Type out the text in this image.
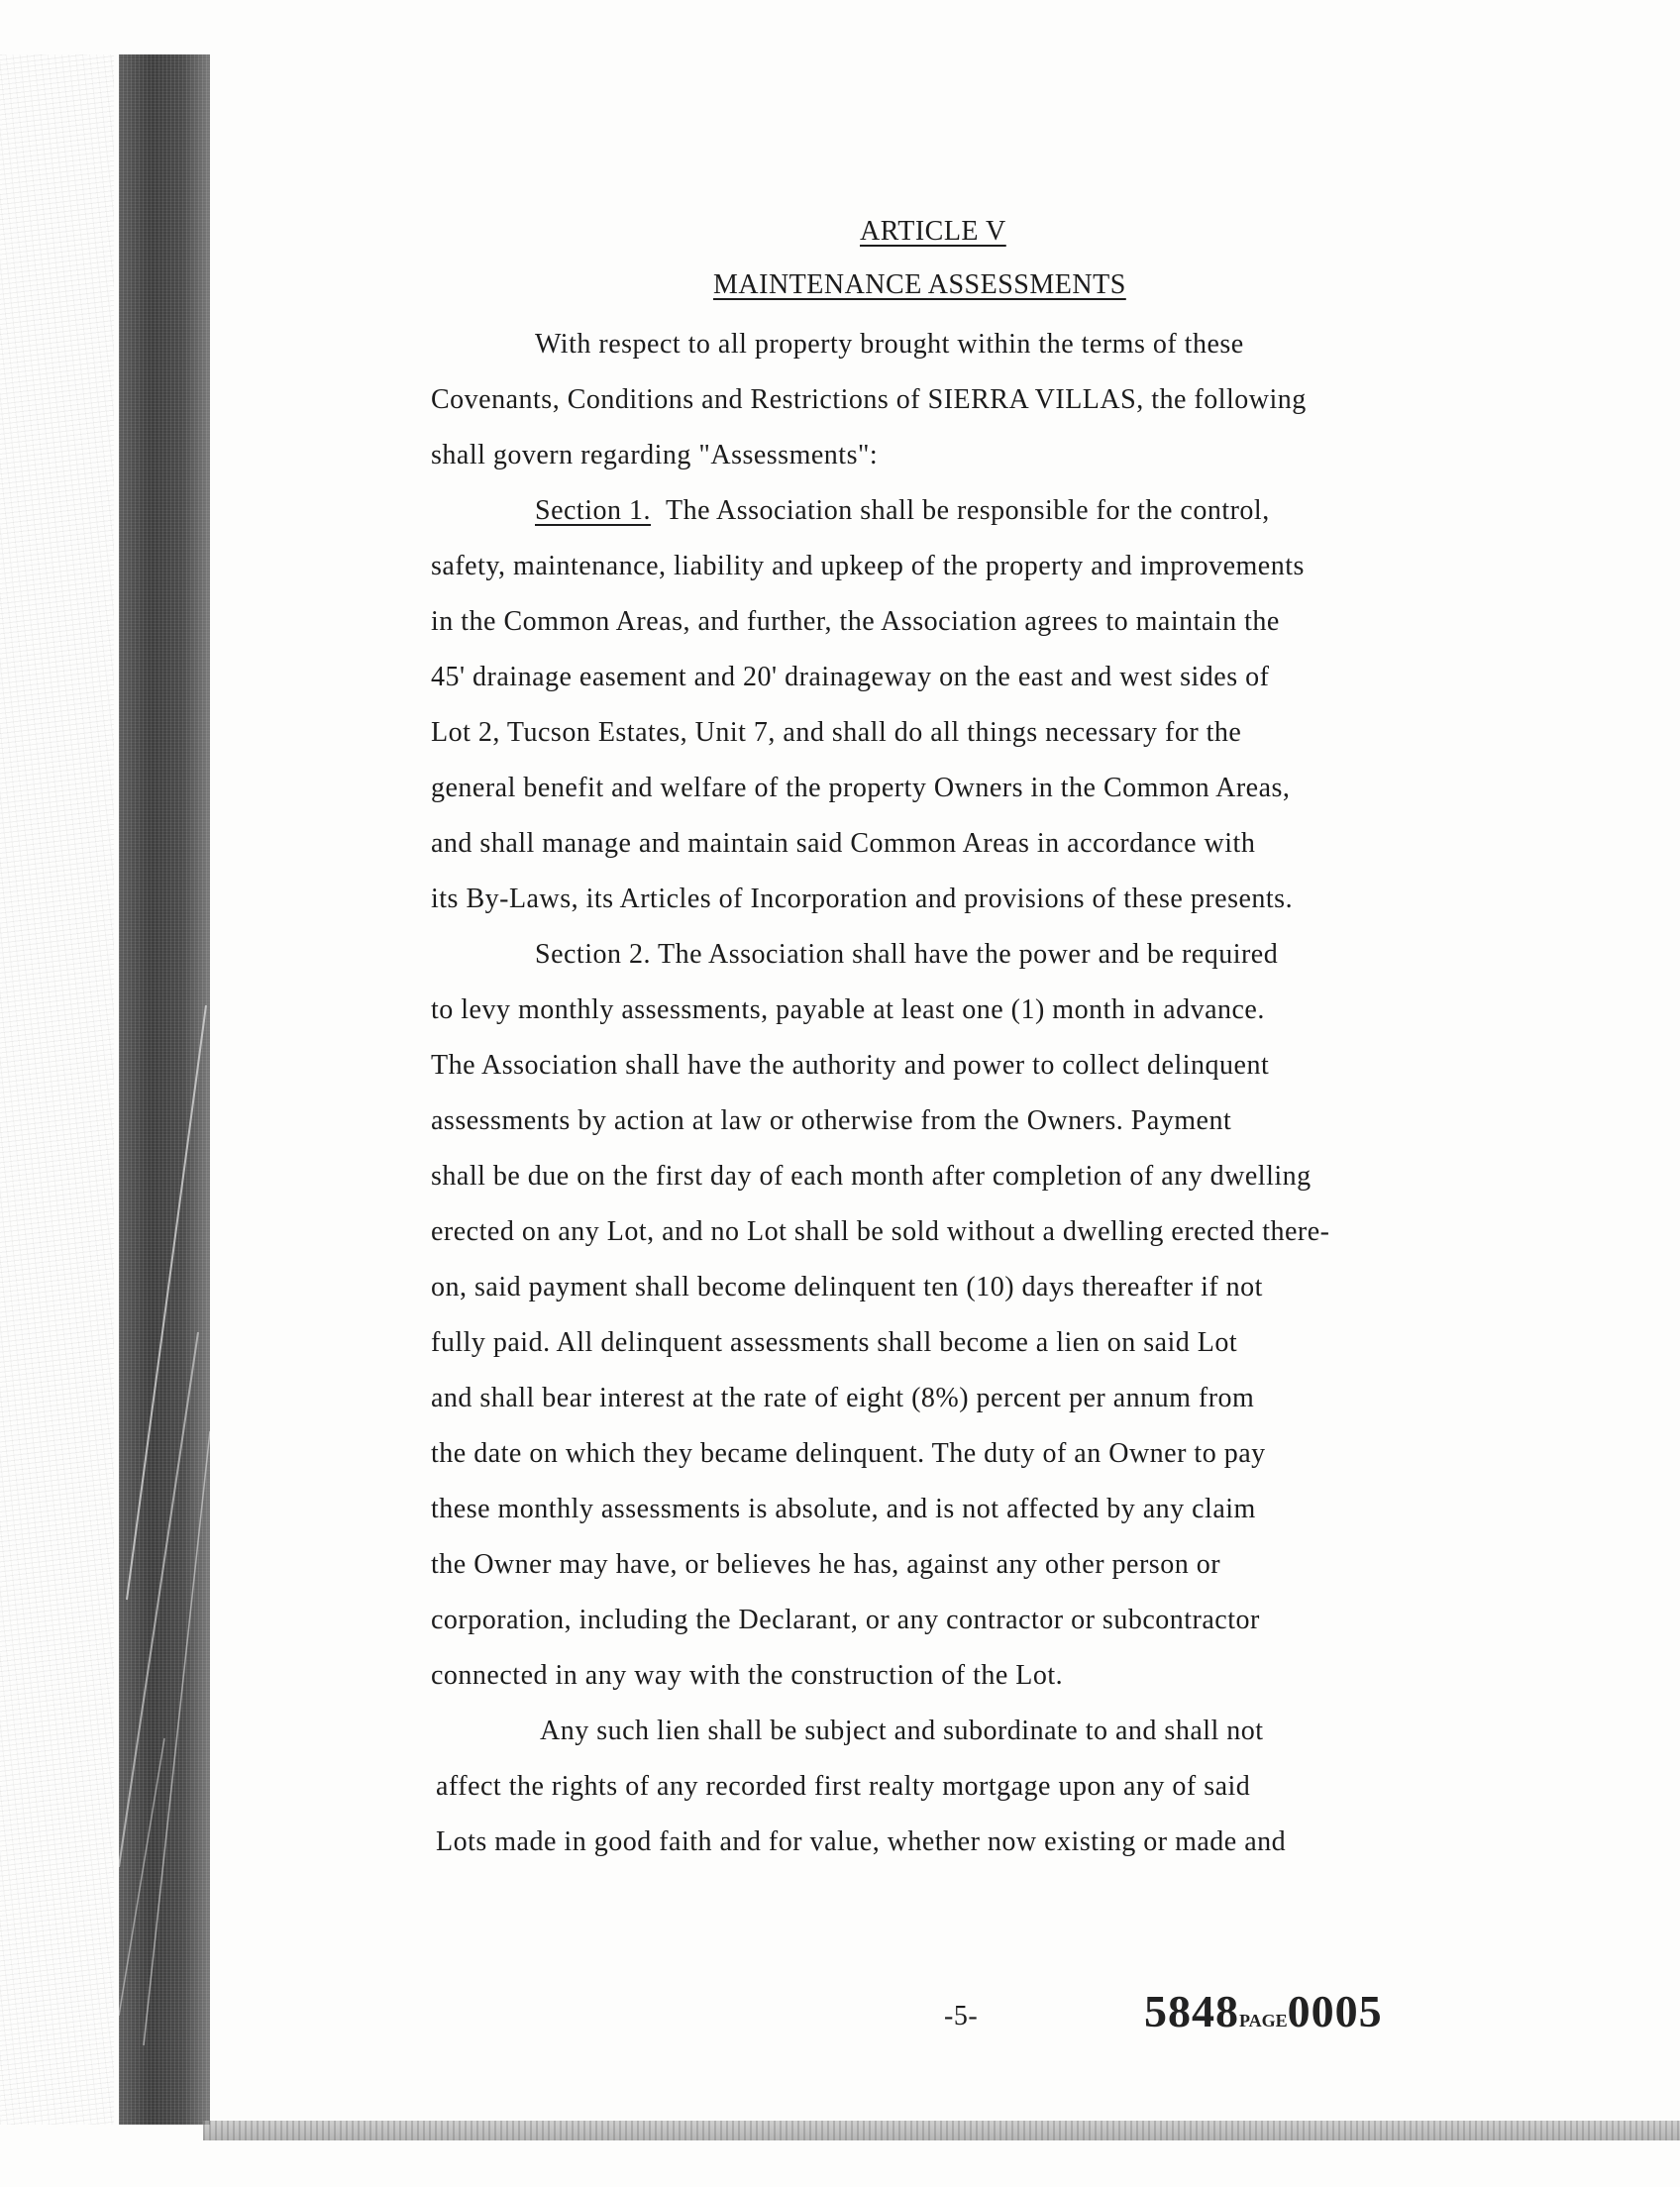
ARTICLE V
MAINTENANCE ASSESSMENTS
With respect to all property brought within the terms of these
Covenants, Conditions and Restrictions of SIERRA VILLAS, the following
shall govern regarding "Assessments":
Section 1. The Association shall be responsible for the control,
safety, maintenance, liability and upkeep of the property and improvements
in the Common Areas, and further, the Association agrees to maintain the
45' drainage easement and 20' drainageway on the east and west sides of
Lot 2, Tucson Estates, Unit 7, and shall do all things necessary for the
general benefit and welfare of the property Owners in the Common Areas,
and shall manage and maintain said Common Areas in accordance with
its By-Laws, its Articles of Incorporation and provisions of these presents.
Section 2. The Association shall have the power and be required
to levy monthly assessments, payable at least one (1) month in advance.
The Association shall have the authority and power to collect delinquent
assessments by action at law or otherwise from the Owners. Payment
shall be due on the first day of each month after completion of any dwelling
erected on any Lot, and no Lot shall be sold without a dwelling erected there-
on, said payment shall become delinquent ten (10) days thereafter if not
fully paid. All delinquent assessments shall become a lien on said Lot
and shall bear interest at the rate of eight (8%) percent per annum from
the date on which they became delinquent. The duty of an Owner to pay
these monthly assessments is absolute, and is not affected by any claim
the Owner may have, or believes he has, against any other person or
corporation, including the Declarant, or any contractor or subcontractor
connected in any way with the construction of the Lot.
Any such lien shall be subject and subordinate to and shall not
affect the rights of any recorded first realty mortgage upon any of said
Lots made in good faith and for value, whether now existing or made and
-5-	5848PAGE0005
